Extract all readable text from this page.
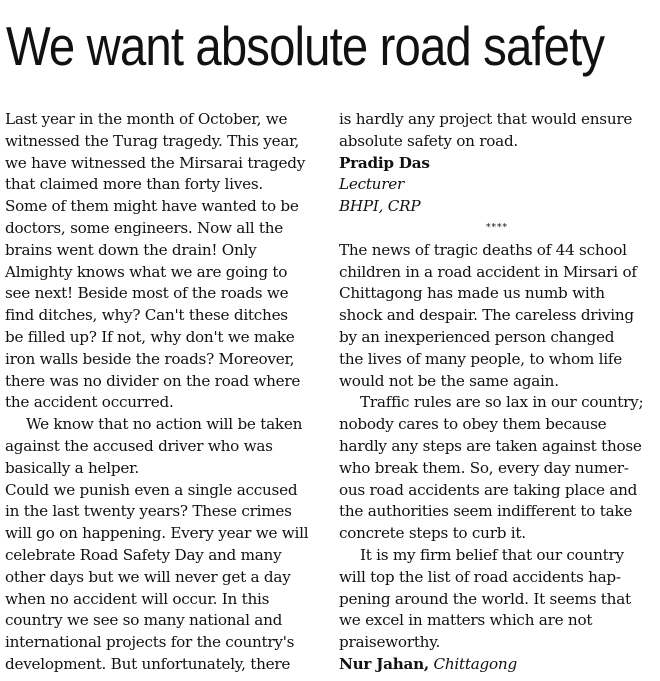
We want absolute road safety
Last year in the month of October, we
witnessed the Turag tragedy. This year,
we have witnessed the Mirsarai tragedy
that claimed more than forty lives.
Some of them might have wanted to be
doctors, some engineers. Now all the
brains went down the drain! Only
Almighty knows what we are going to
see next! Beside most of the roads we
find ditches, why? Can't these ditches
be filled up? If not, why don't we make
iron walls beside the roads? Moreover,
there was no divider on the road where
the accident occurred.
We know that no action will be taken
against the accused driver who was
basically a helper.
Could we punish even a single accused
in the last twenty years? These crimes
will go on happening. Every year we will
celebrate Road Safety Day and many
other days but we will never get a day
when no accident will occur. In this
country we see so many national and
international projects for the country's
development. But unfortunately, there
is hardly any project that would ensure
absolute safety on road.
Pradip Das
Lecturer
BHPI, CRP
****
The news of tragic deaths of 44 school
children in a road accident in Mirsari of
Chittagong has made us numb with
shock and despair. The careless driving
by an inexperienced person changed
the lives of many people, to whom life
would not be the same again.
Traffic rules are so lax in our country;
nobody cares to obey them because
hardly any steps are taken against those
who break them. So, every day numer-
ous road accidents are taking place and
the authorities seem indifferent to take
concrete steps to curb it.
It is my firm belief that our country
will top the list of road accidents hap-
pening around the world. It seems that
we excel in matters which are not
praiseworthy.
Nur Jahan, Chittagong
